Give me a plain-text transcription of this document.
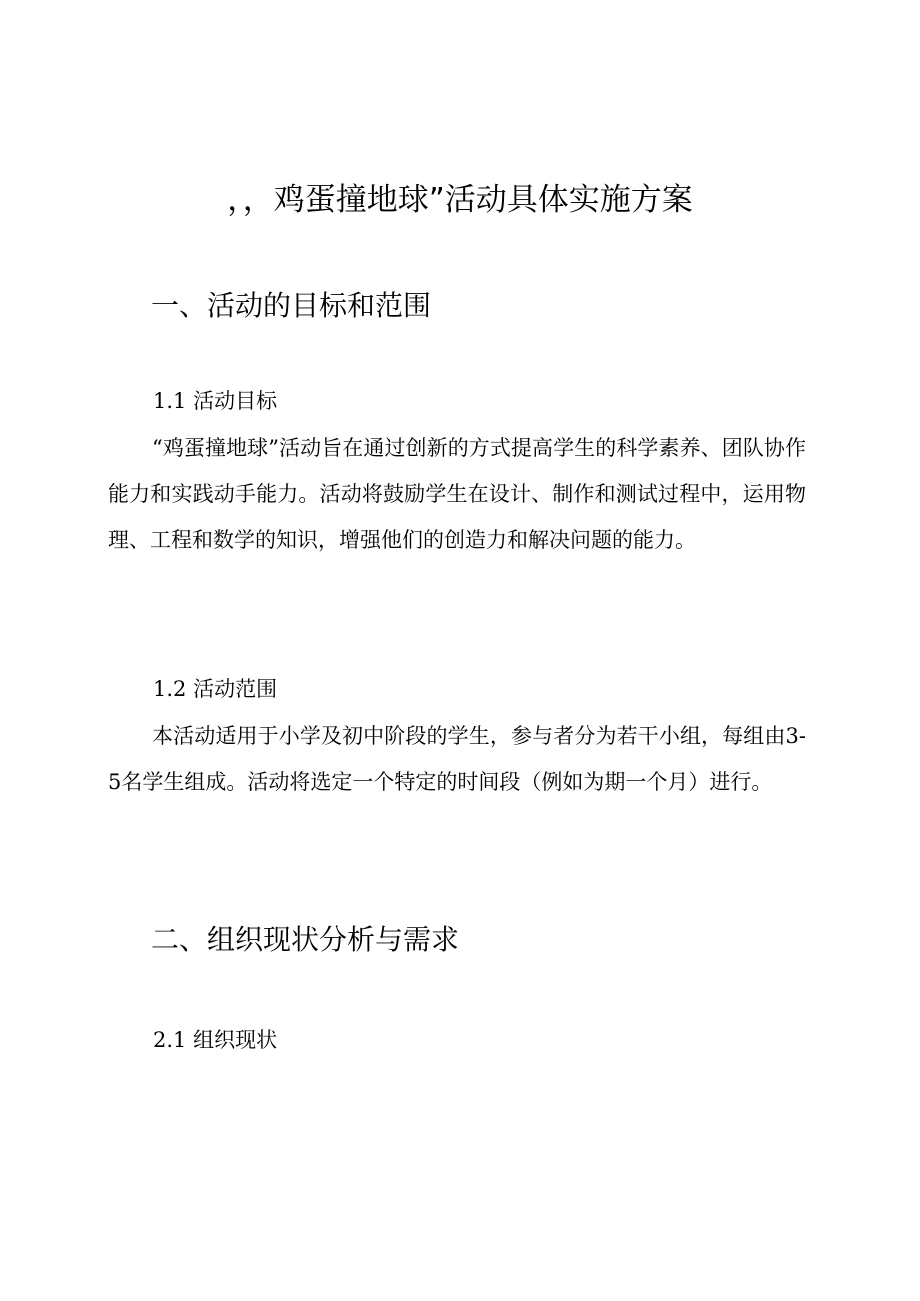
，，鸡蛋撞地球”活动具体实施方案
一、活动的目标和范围
1.1 活动目标
“鸡蛋撞地球”活动旨在通过创新的方式提高学生的科学素养、团队协作能力和实践动手能力。活动将鼓励学生在设计、制作和测试过程中，运用物理、工程和数学的知识，增强他们的创造力和解决问题的能力。
1.2 活动范围
本活动适用于小学及初中阶段的学生，参与者分为若干小组，每组由3-5名学生组成。活动将选定一个特定的时间段（例如为期一个月）进行。
二、组织现状分析与需求
2.1 组织现状
